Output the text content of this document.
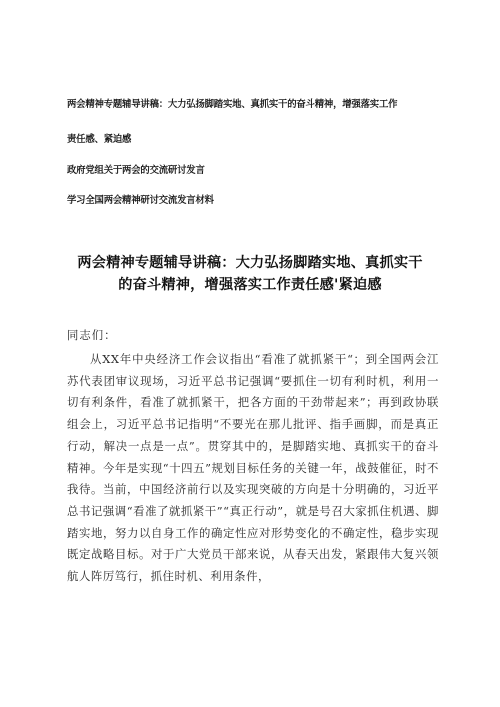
两会精神专题辅导讲稿：大力弘扬脚踏实地、真抓实干的奋斗精神，增强落实工作

责任感、紧迫感

政府党组关于两会的交流研讨发言

学习全国两会精神研讨交流发言材料

两会精神专题辅导讲稿：大力弘扬脚踏实地、真抓实干
的奋斗精神，增强落实工作责任感'紧迫感

同志们：

从XX年中央经济工作会议指出“看准了就抓紧干“；到全国两会江苏代表团审议现场，习近平总书记强调“要抓住一切有利时机，利用一切有利条件，看准了就抓紧干，把各方面的干劲带起来”；再到政协联组会上，习近平总书记指明“不要光在那儿批评、指手画脚，而是真正行动，解决一点是一点”。贯穿其中的，是脚踏实地、真抓实干的奋斗精神。今年是实现“十四五”规划目标任务的关键一年，战鼓催征，时不我待。当前，中国经济前行以及实现突破的方向是十分明确的，习近平总书记强调“看准了就抓紧干”“真正行动”，就是号召大家抓住机遇、脚踏实地，努力以自身工作的确定性应对形势变化的不确定性，稳步实现既定战略目标。对于广大党员干部来说，从春天出发，紧跟伟大复兴领航人阵厉笃行，抓住时机、利用条件，
